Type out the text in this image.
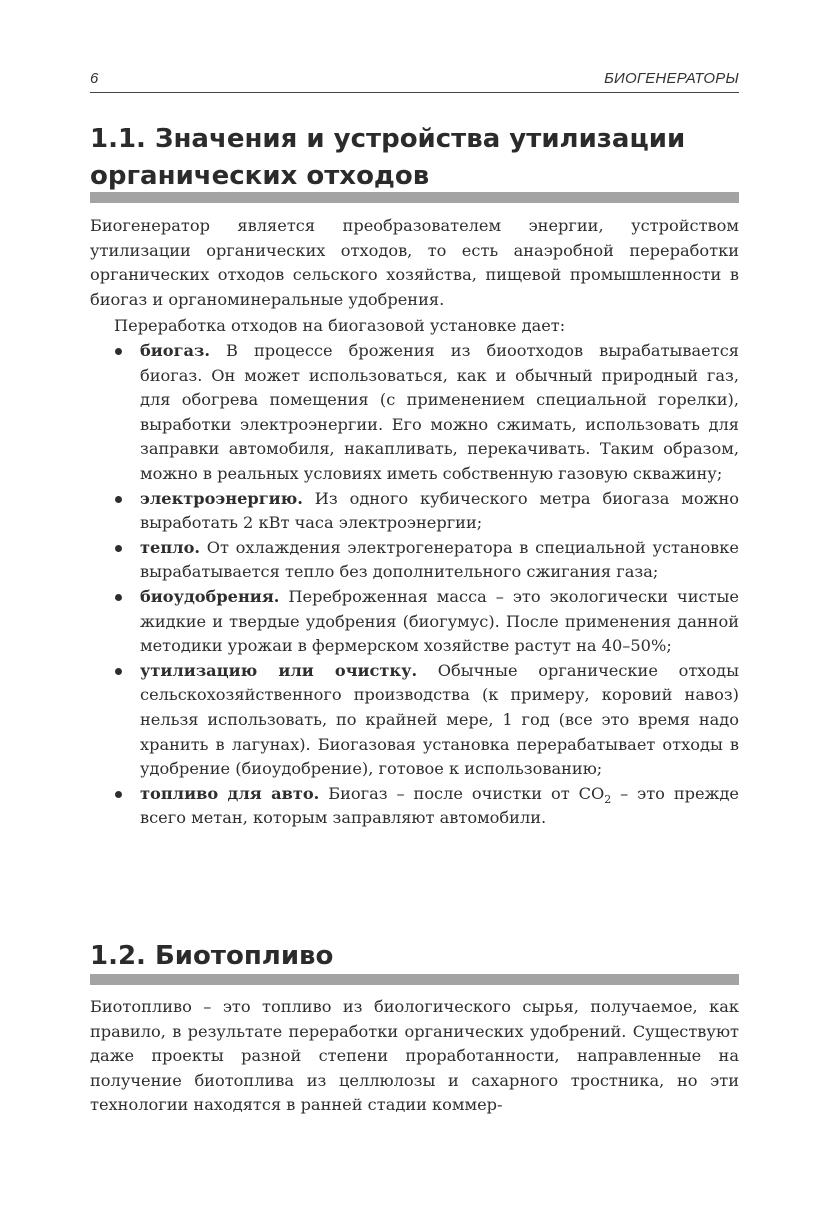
6	БИОГЕНЕРАТОРЫ
1.1. Значения и устройства утилизации органических отходов

Биогенератор является преобразователем энергии, устройством утилизации органических отходов, то есть анаэробной переработки органических отходов сельского хозяйства, пищевой промышленности в биогаз и органоминеральные удобрения.

Переработка отходов на биогазовой установке дает:

биогаз. В процессе брожения из биоотходов вырабатывается биогаз. Он может использоваться, как и обычный природный газ, для обогрева помещения (с применением специальной горелки), выработки электроэнергии. Его можно сжимать, использовать для заправки автомобиля, накапливать, перекачивать. Таким образом, можно в реальных условиях иметь собственную газовую скважину;
электроэнергию. Из одного кубического метра биогаза можно выработать 2 кВт часа электроэнергии;
тепло. От охлаждения электрогенератора в специальной установке вырабатывается тепло без дополнительного сжигания газа;
биоудобрения. Переброженная масса – это экологически чистые жидкие и твердые удобрения (биогумус). После применения данной методики урожаи в фермерском хозяйстве растут на 40–50%;
утилизацию или очистку. Обычные органические отходы сельскохозяйственного производства (к примеру, коровий навоз) нельзя использовать, по крайней мере, 1 год (все это время надо хранить в лагунах). Биогазовая установка перерабатывает отходы в удобрение (биоудобрение), готовое к использованию;
топливо для авто. Биогаз – после очистки от $CO_2$ – это прежде всего метан, которым заправляют автомобили.
1.2. Биотопливо

Биотопливо – это топливо из биологического сырья, получаемое, как правило, в результате переработки органических удобрений. Существуют даже проекты разной степени проработанности, направленные на получение биотоплива из целлюлозы и сахарного тростника, но эти технологии находятся в ранней стадии коммер-
